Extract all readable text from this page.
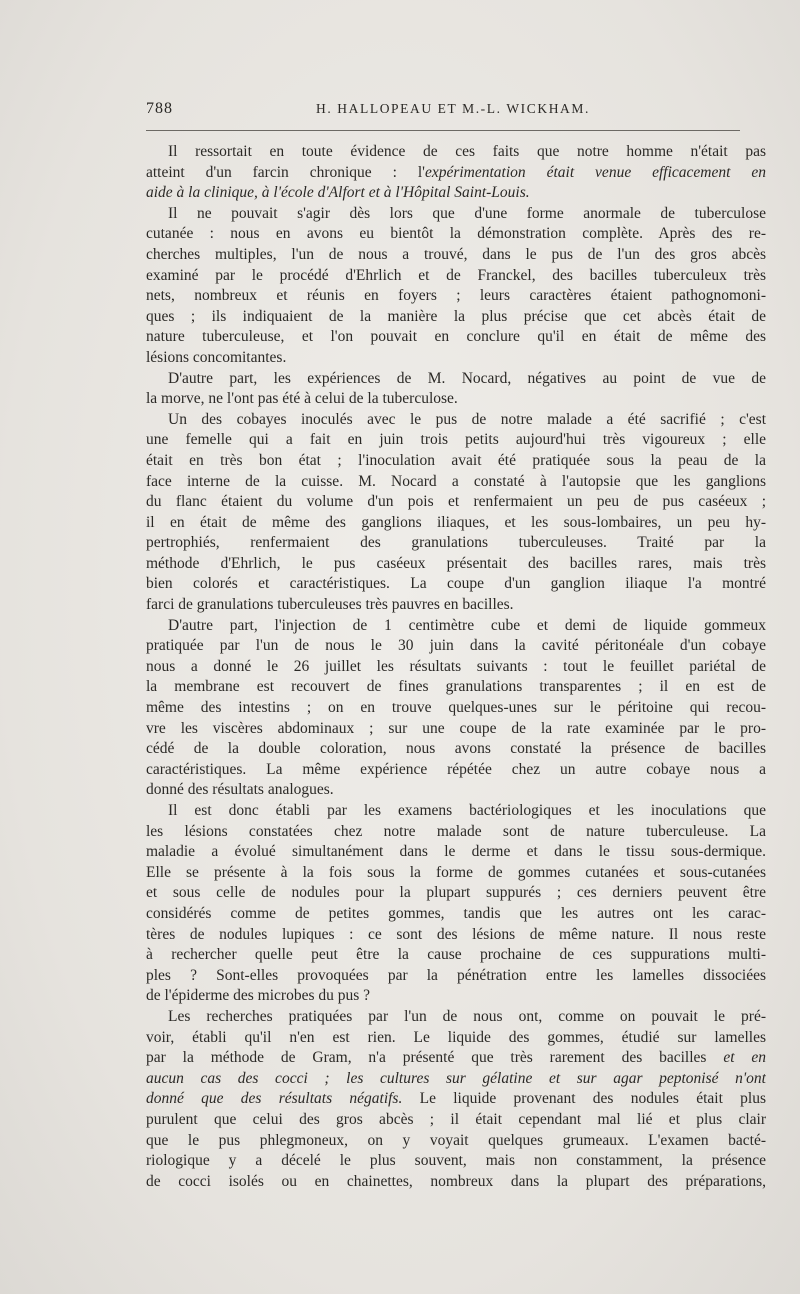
788	H. HALLOPEAU ET M.-L. WICKHAM.
Il ressortait en toute évidence de ces faits que notre homme n'était pas
atteint d'un farcin chronique : l'expérimentation était venue efficacement en
aide à la clinique, à l'école d'Alfort et à l'Hôpital Saint-Louis.
Il ne pouvait s'agir dès lors que d'une forme anormale de tuberculose
cutanée : nous en avons eu bientôt la démonstration complète. Après des re-
cherches multiples, l'un de nous a trouvé, dans le pus de l'un des gros abcès
examiné par le procédé d'Ehrlich et de Franckel, des bacilles tuberculeux très
nets, nombreux et réunis en foyers ; leurs caractères étaient pathognomoni-
ques ; ils indiquaient de la manière la plus précise que cet abcès était de
nature tuberculeuse, et l'on pouvait en conclure qu'il en était de même des
lésions concomitantes.
D'autre part, les expériences de M. Nocard, négatives au point de vue de
la morve, ne l'ont pas été à celui de la tuberculose.
Un des cobayes inoculés avec le pus de notre malade a été sacrifié ; c'est
une femelle qui a fait en juin trois petits aujourd'hui très vigoureux ; elle
était en très bon état ; l'inoculation avait été pratiquée sous la peau de la
face interne de la cuisse. M. Nocard a constaté à l'autopsie que les ganglions
du flanc étaient du volume d'un pois et renfermaient un peu de pus caséeux ;
il en était de même des ganglions iliaques, et les sous-lombaires, un peu hy-
pertrophiés, renfermaient des granulations tuberculeuses. Traité par la
méthode d'Ehrlich, le pus caséeux présentait des bacilles rares, mais très
bien colorés et caractéristiques. La coupe d'un ganglion iliaque l'a montré
farci de granulations tuberculeuses très pauvres en bacilles.
D'autre part, l'injection de 1 centimètre cube et demi de liquide gommeux
pratiquée par l'un de nous le 30 juin dans la cavité péritonéale d'un cobaye
nous a donné le 26 juillet les résultats suivants : tout le feuillet pariétal de
la membrane est recouvert de fines granulations transparentes ; il en est de
même des intestins ; on en trouve quelques-unes sur le péritoine qui recou-
vre les viscères abdominaux ; sur une coupe de la rate examinée par le pro-
cédé de la double coloration, nous avons constaté la présence de bacilles
caractéristiques. La même expérience répétée chez un autre cobaye nous a
donné des résultats analogues.
Il est donc établi par les examens bactériologiques et les inoculations que
les lésions constatées chez notre malade sont de nature tuberculeuse. La
maladie a évolué simultanément dans le derme et dans le tissu sous-dermique.
Elle se présente à la fois sous la forme de gommes cutanées et sous-cutanées
et sous celle de nodules pour la plupart suppurés ; ces derniers peuvent être
considérés comme de petites gommes, tandis que les autres ont les carac-
tères de nodules lupiques : ce sont des lésions de même nature. Il nous reste
à rechercher quelle peut être la cause prochaine de ces suppurations multi-
ples ? Sont-elles provoquées par la pénétration entre les lamelles dissociées
de l'épiderme des microbes du pus ?
Les recherches pratiquées par l'un de nous ont, comme on pouvait le pré-
voir, établi qu'il n'en est rien. Le liquide des gommes, étudié sur lamelles
par la méthode de Gram, n'a présenté que très rarement des bacilles et en
aucun cas des cocci ; les cultures sur gélatine et sur agar peptonisé n'ont
donné que des résultats négatifs. Le liquide provenant des nodules était plus
purulent que celui des gros abcès ; il était cependant mal lié et plus clair
que le pus phlegmoneux, on y voyait quelques grumeaux. L'examen bacté-
riologique y a décelé le plus souvent, mais non constamment, la présence
de cocci isolés ou en chainettes, nombreux dans la plupart des préparations,
